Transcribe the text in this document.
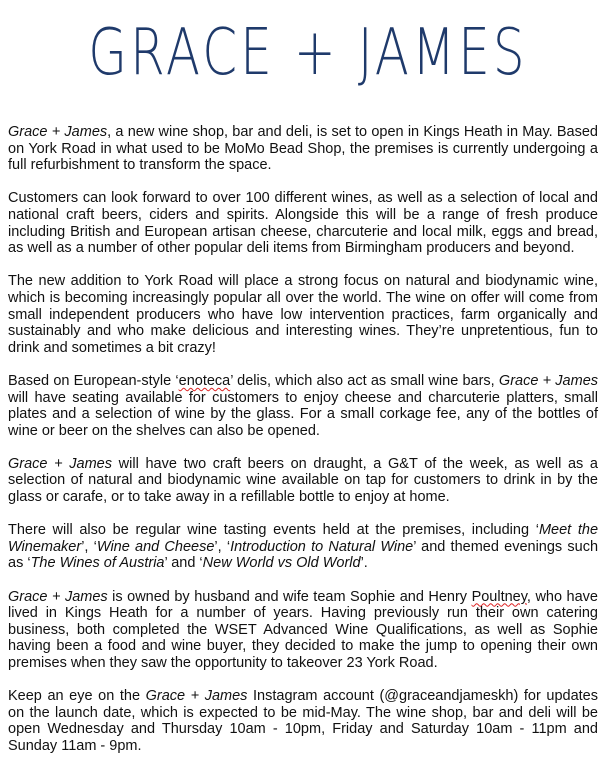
GRACE + JAMES

Grace + James, a new wine shop, bar and deli, is set to open in Kings Heath in May. Based on York Road in what used to be MoMo Bead Shop, the premises is currently undergoing a full refurbishment to transform the space.

Customers can look forward to over 100 different wines, as well as a selection of local and national craft beers, ciders and spirits. Alongside this will be a range of fresh produce including British and European artisan cheese, charcuterie and local milk, eggs and bread, as well as a number of other popular deli items from Birmingham producers and beyond.

The new addition to York Road will place a strong focus on natural and biodynamic wine, which is becoming increasingly popular all over the world. The wine on offer will come from small independent producers who have low intervention practices, farm organically and sustainably and who make delicious and interesting wines. They’re unpretentious, fun to drink and sometimes a bit crazy!

Based on European-style ‘enoteca’ delis, which also act as small wine bars, Grace + James will have seating available for customers to enjoy cheese and charcuterie platters, small plates and a selection of wine by the glass. For a small corkage fee, any of the bottles of wine or beer on the shelves can also be opened.

Grace + James will have two craft beers on draught, a G&T of the week, as well as a selection of natural and biodynamic wine available on tap for customers to drink in by the glass or carafe, or to take away in a refillable bottle to enjoy at home.

There will also be regular wine tasting events held at the premises, including ‘Meet the Winemaker’, ‘Wine and Cheese’, ‘Introduction to Natural Wine’ and themed evenings such as ‘The Wines of Austria’ and ‘New World vs Old World’.

Grace + James is owned by husband and wife team Sophie and Henry Poultney, who have lived in Kings Heath for a number of years. Having previously run their own catering business, both completed the WSET Advanced Wine Qualifications, as well as Sophie having been a food and wine buyer, they decided to make the jump to opening their own premises when they saw the opportunity to takeover 23 York Road.

Keep an eye on the Grace + James Instagram account (@graceandjameskh) for updates on the launch date, which is expected to be mid-May. The wine shop, bar and deli will be open Wednesday and Thursday 10am - 10pm, Friday and Saturday 10am - 11pm and Sunday 11am - 9pm.
